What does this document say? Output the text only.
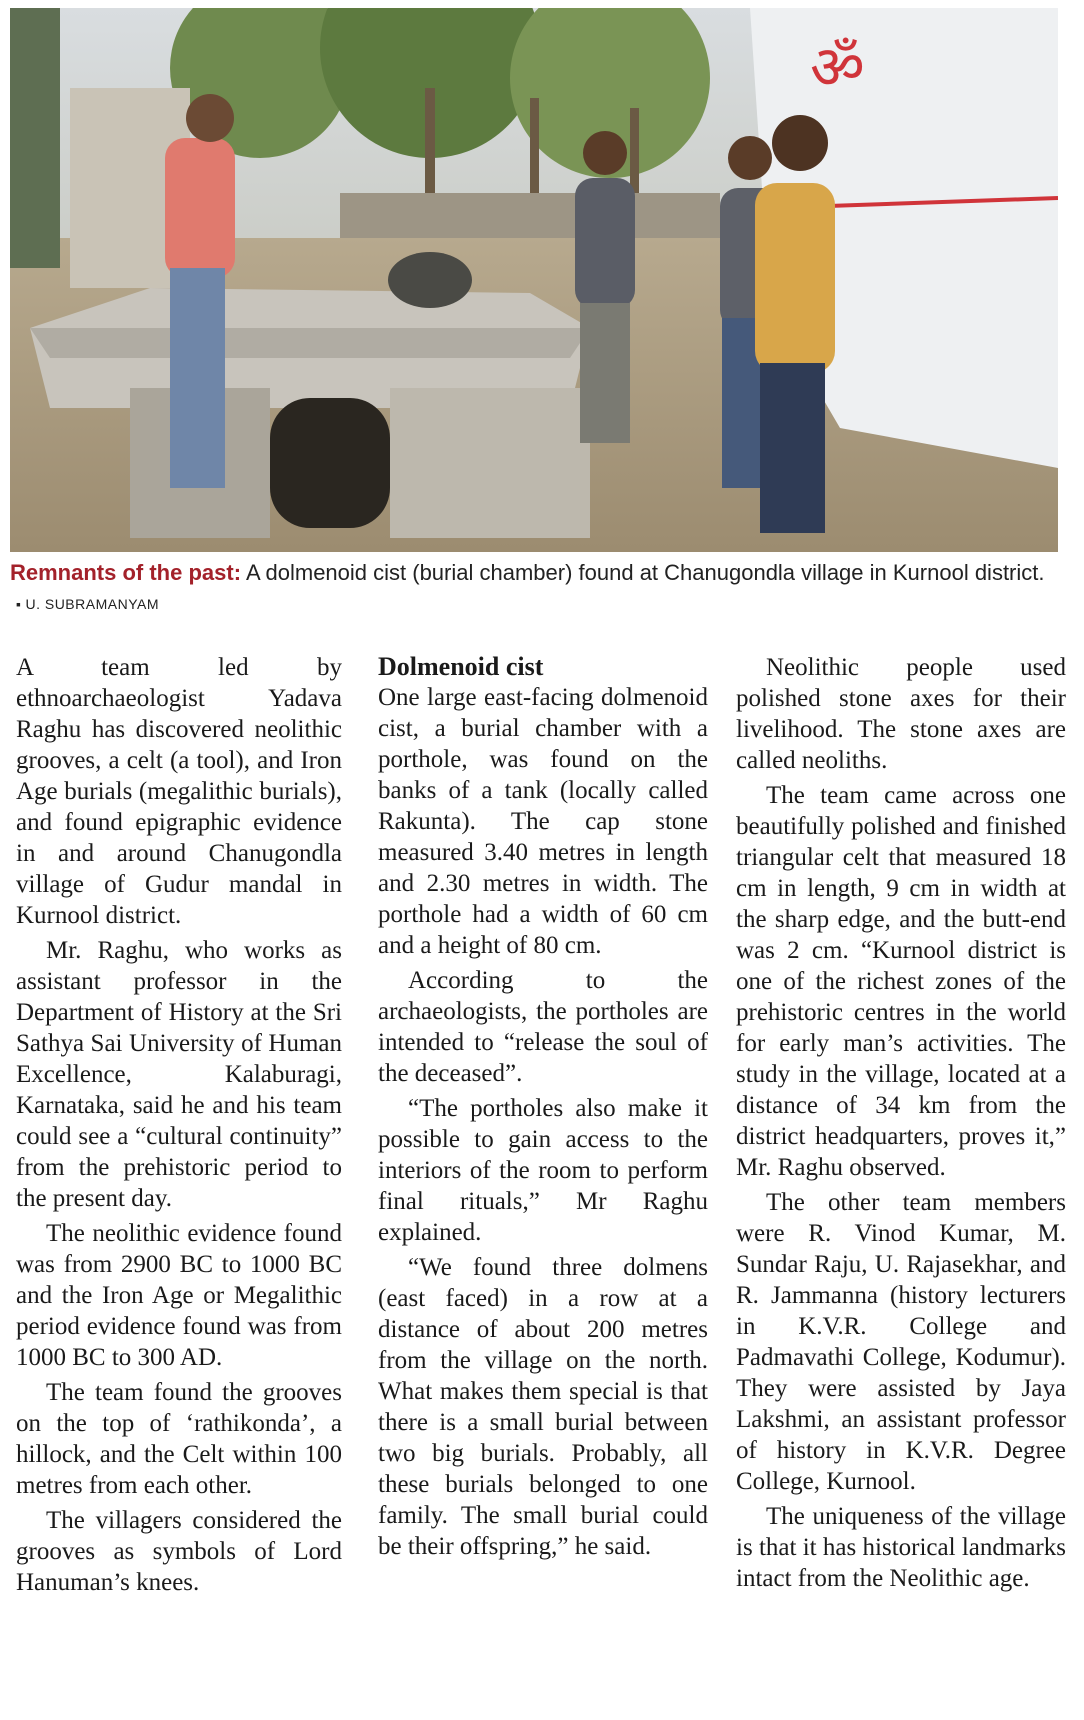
ॐ
Remnants of the past: A dolmenoid cist (burial chamber) found at Chanugondla village in Kurnool district. ▪ U. SUBRAMANYAM

A team led by ethnoarchaeologist Yadava Raghu has discovered neolithic grooves, a celt (a tool), and Iron Age burials (megalithic burials), and found epigraphic evidence in and around Chanugondla village of Gudur mandal in Kurnool district.

Mr. Raghu, who works as assistant professor in the Department of History at the Sri Sathya Sai University of Human Excellence, Kalaburagi, Karnataka, said he and his team could see a “cultural continuity” from the prehistoric period to the present day.

The neolithic evidence found was from 2900 BC to 1000 BC and the Iron Age or Megalithic period evidence found was from 1000 BC to 300 AD.

The team found the grooves on the top of ‘rathikonda’, a hillock, and the Celt within 100 metres from each other.

The villagers considered the grooves as symbols of Lord Hanuman’s knees.

Dolmenoid cist

One large east-facing dolmenoid cist, a burial chamber with a porthole, was found on the banks of a tank (locally called Rakunta). The cap stone measured 3.40 metres in length and 2.30 metres in width. The porthole had a width of 60 cm and a height of 80 cm.

According to the archaeologists, the portholes are intended to “release the soul of the deceased”.

“The portholes also make it possible to gain access to the interiors of the room to perform final rituals,” Mr Raghu explained.

“We found three dolmens (east faced) in a row at a distance of about 200 metres from the village on the north. What makes them special is that there is a small burial between two big burials. Probably, all these burials belonged to one family. The small burial could be their offspring,” he said.

Neolithic people used polished stone axes for their livelihood. The stone axes are called neoliths.

The team came across one beautifully polished and finished triangular celt that measured 18 cm in length, 9 cm in width at the sharp edge, and the butt-end was 2 cm. “Kurnool district is one of the richest zones of the prehistoric centres in the world for early man’s activities. The study in the village, located at a distance of 34 km from the district headquarters, proves it,” Mr. Raghu observed.

The other team members were R. Vinod Kumar, M. Sundar Raju, U. Rajasekhar, and R. Jammanna (history lecturers in K.V.R. College and Padmavathi College, Kodumur). They were assisted by Jaya Lakshmi, an assistant professor of history in K.V.R. Degree College, Kurnool.

The uniqueness of the village is that it has historical landmarks intact from the Neolithic age.
